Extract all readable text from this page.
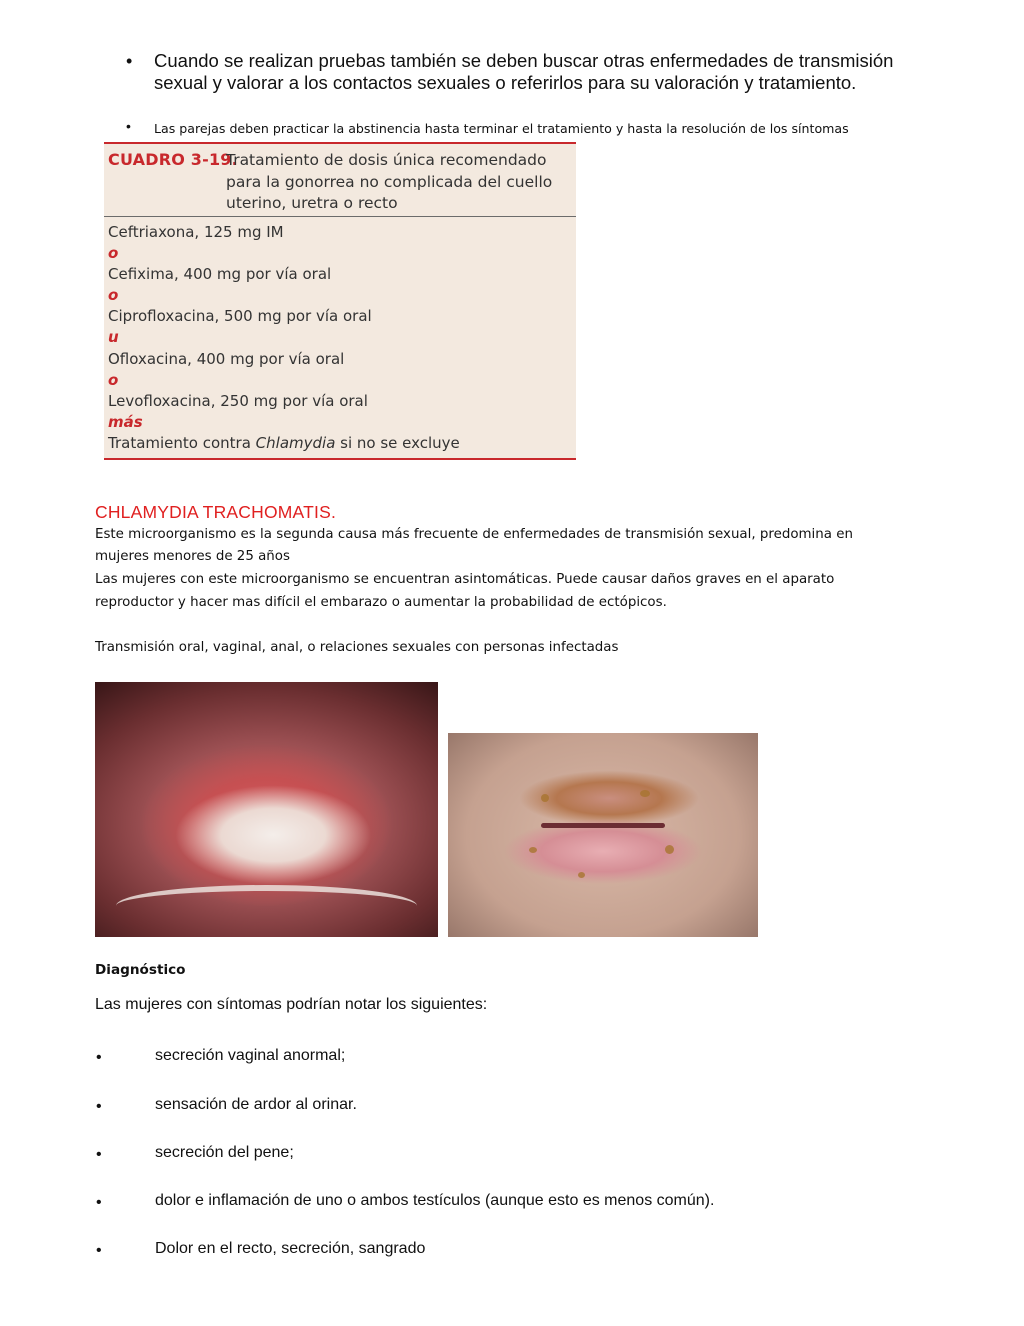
• Cuando se realizan pruebas también se deben buscar otras enfermedades de transmisión
sexual y valorar a los contactos sexuales o referirlos para su valoración y tratamiento.
• Las parejas deben practicar la abstinencia hasta terminar el tratamiento y hasta la resolución de los síntomas
CUADRO 3-19.
Tratamiento de dosis única recomendado
para la gonorrea no complicada del cuello
uterino, uretra o recto
Ceftriaxona, 125 mg IM
o
Cefixima, 400 mg por vía oral
o
Ciprofloxacina, 500 mg por vía oral
u
Ofloxacina, 400 mg por vía oral
o
Levofloxacina, 250 mg por vía oral
más
Tratamiento contra Chlamydia si no se excluye
CHLAMYDIA TRACHOMATIS.
Este microorganismo es la segunda causa más frecuente de enfermedades de transmisión sexual, predomina en
mujeres menores de 25 años
Las mujeres con este microorganismo se encuentran asintomáticas. Puede causar daños graves en el aparato
reproductor y hacer mas difícil el embarazo o aumentar la probabilidad de ectópicos.
Transmisión oral, vaginal, anal, o relaciones sexuales con personas infectadas
Diagnóstico
Las mujeres con síntomas podrían notar los siguientes:
•	secreción vaginal anormal;
•	sensación de ardor al orinar.
•	secreción del pene;
•	dolor e inflamación de uno o ambos testículos (aunque esto es menos común).
•	Dolor en el recto, secreción, sangrado
